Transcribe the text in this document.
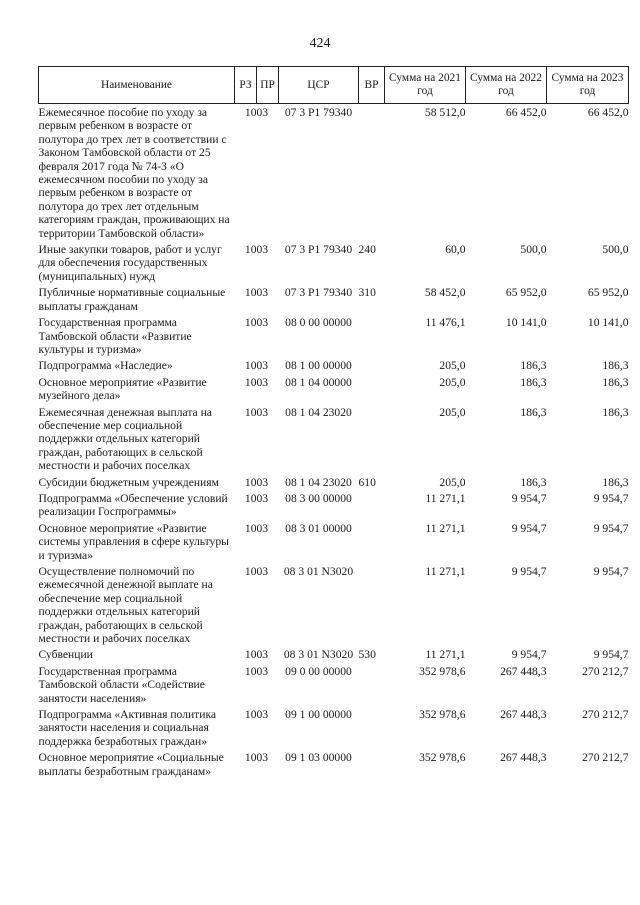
424
Наименование	РЗ	ПР	ЦСР	ВР	Сумма на 2021 год	Сумма на 2022 год	Сумма на 2023 год
Ежемесячное пособие по уходу за первым ребенком в возрасте от полутора до трех лет в соответствии с Законом Тамбовской области от 25 февраля 2017 года № 74-З «О ежемесячном пособии по уходу за первым ребенком в возрасте от полутора до трех лет отдельным категориям граждан, проживающих на территории Тамбовской области»	10	03	07 3 P1 79340		58 512,0	66 452,0	66 452,0
Иные закупки товаров, работ и услуг для обеспечения государственных (муниципальных) нужд	10	03	07 3 P1 79340	240	60,0	500,0	500,0
Публичные нормативные социальные выплаты гражданам	10	03	07 3 P1 79340	310	58 452,0	65 952,0	65 952,0
Государственная программа Тамбовской области «Развитие культуры и туризма»	10	03	08 0 00 00000		11 476,1	10 141,0	10 141,0
Подпрограмма «Наследие»	10	03	08 1 00 00000		205,0	186,3	186,3
Основное мероприятие «Развитие музейного дела»	10	03	08 1 04 00000		205,0	186,3	186,3
Ежемесячная денежная выплата на обеспечение мер социальной поддержки отдельных категорий граждан, работающих в сельской местности и рабочих поселках	10	03	08 1 04 23020		205,0	186,3	186,3
Субсидии бюджетным учреждениям	10	03	08 1 04 23020	610	205,0	186,3	186,3
Подпрограмма «Обеспечение условий реализации Госпрограммы»	10	03	08 3 00 00000		11 271,1	9 954,7	9 954,7
Основное мероприятие «Развитие системы управления в сфере культуры и туризма»	10	03	08 3 01 00000		11 271,1	9 954,7	9 954,7
Осуществление полномочий по ежемесячной денежной выплате на обеспечение мер социальной поддержки отдельных категорий граждан, работающих в сельской местности и рабочих поселках	10	03	08 3 01 N3020		11 271,1	9 954,7	9 954,7
Субвенции	10	03	08 3 01 N3020	530	11 271,1	9 954,7	9 954,7
Государственная программа Тамбовской области «Содействие занятости населения»	10	03	09 0 00 00000		352 978,6	267 448,3	270 212,7
Подпрограмма «Активная политика занятости населения и социальная поддержка безработных граждан»	10	03	09 1 00 00000		352 978,6	267 448,3	270 212,7
Основное мероприятие «Социальные выплаты безработным гражданам»	10	03	09 1 03 00000		352 978,6	267 448,3	270 212,7
